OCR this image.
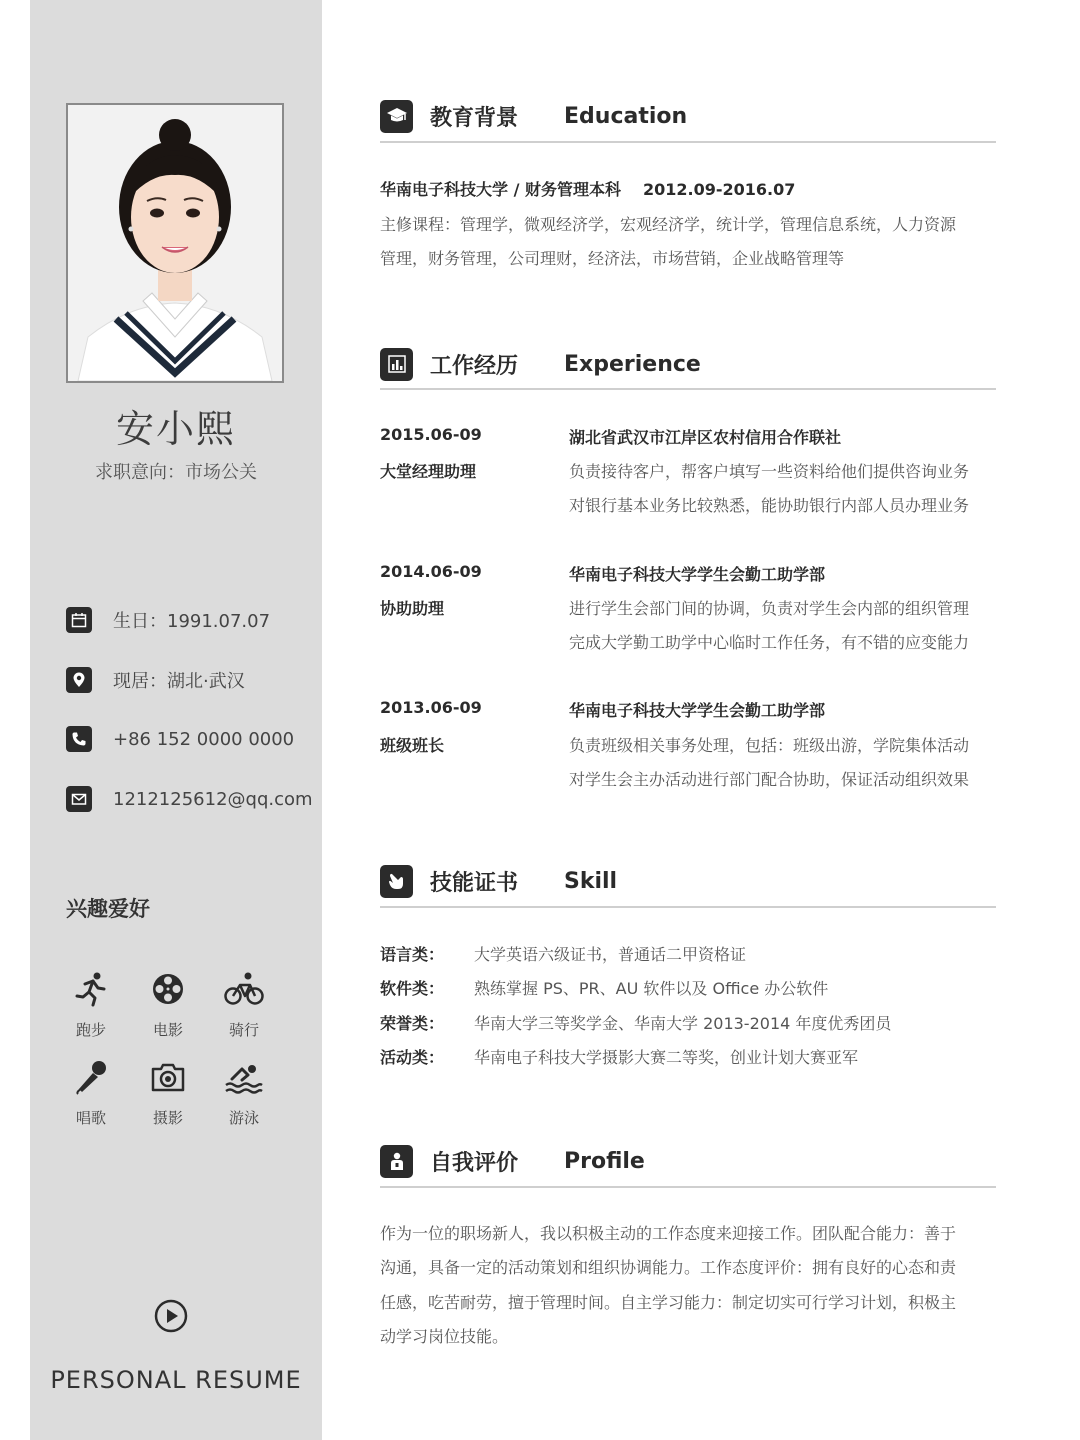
安小熙
求职意向：市场公关
生日：1991.07.07
现居：湖北·武汉
+86 152 0000 0000
1212125612@qq.com
兴趣爱好
跑步	电影	骑行
唱歌	摄影	游泳
PERSONAL RESUME
教育背景 Education
华南电子科技大学 / 财务管理本科 2012.09-2016.07
主修课程：管理学，微观经济学，宏观经济学，统计学，管理信息系统，人力资源
管理，财务管理，公司理财，经济法，市场营销，企业战略管理等
工作经历 Experience
2015.06-09
大堂经理助理
湖北省武汉市江岸区农村信用合作联社
负责接待客户，帮客户填写一些资料给他们提供咨询业务
对银行基本业务比较熟悉，能协助银行内部人员办理业务
2014.06-09
协助助理
华南电子科技大学学生会勤工助学部
进行学生会部门间的协调，负责对学生会内部的组织管理
完成大学勤工助学中心临时工作任务，有不错的应变能力
2013.06-09
班级班长
华南电子科技大学学生会勤工助学部
负责班级相关事务处理，包括：班级出游，学院集体活动
对学生会主办活动进行部门配合协助，保证活动组织效果
技能证书 Skill
语言类： 大学英语六级证书，普通话二甲资格证
软件类： 熟练掌握 PS、PR、AU 软件以及 Office 办公软件
荣誉类： 华南大学三等奖学金、华南大学 2013-2014 年度优秀团员
活动类： 华南电子科技大学摄影大赛二等奖，创业计划大赛亚军
自我评价 Profile
作为一位的职场新人，我以积极主动的工作态度来迎接工作。团队配合能力：善于
沟通，具备一定的活动策划和组织协调能力。工作态度评价：拥有良好的心态和责
任感，吃苦耐劳，擅于管理时间。自主学习能力：制定切实可行学习计划，积极主
动学习岗位技能。
